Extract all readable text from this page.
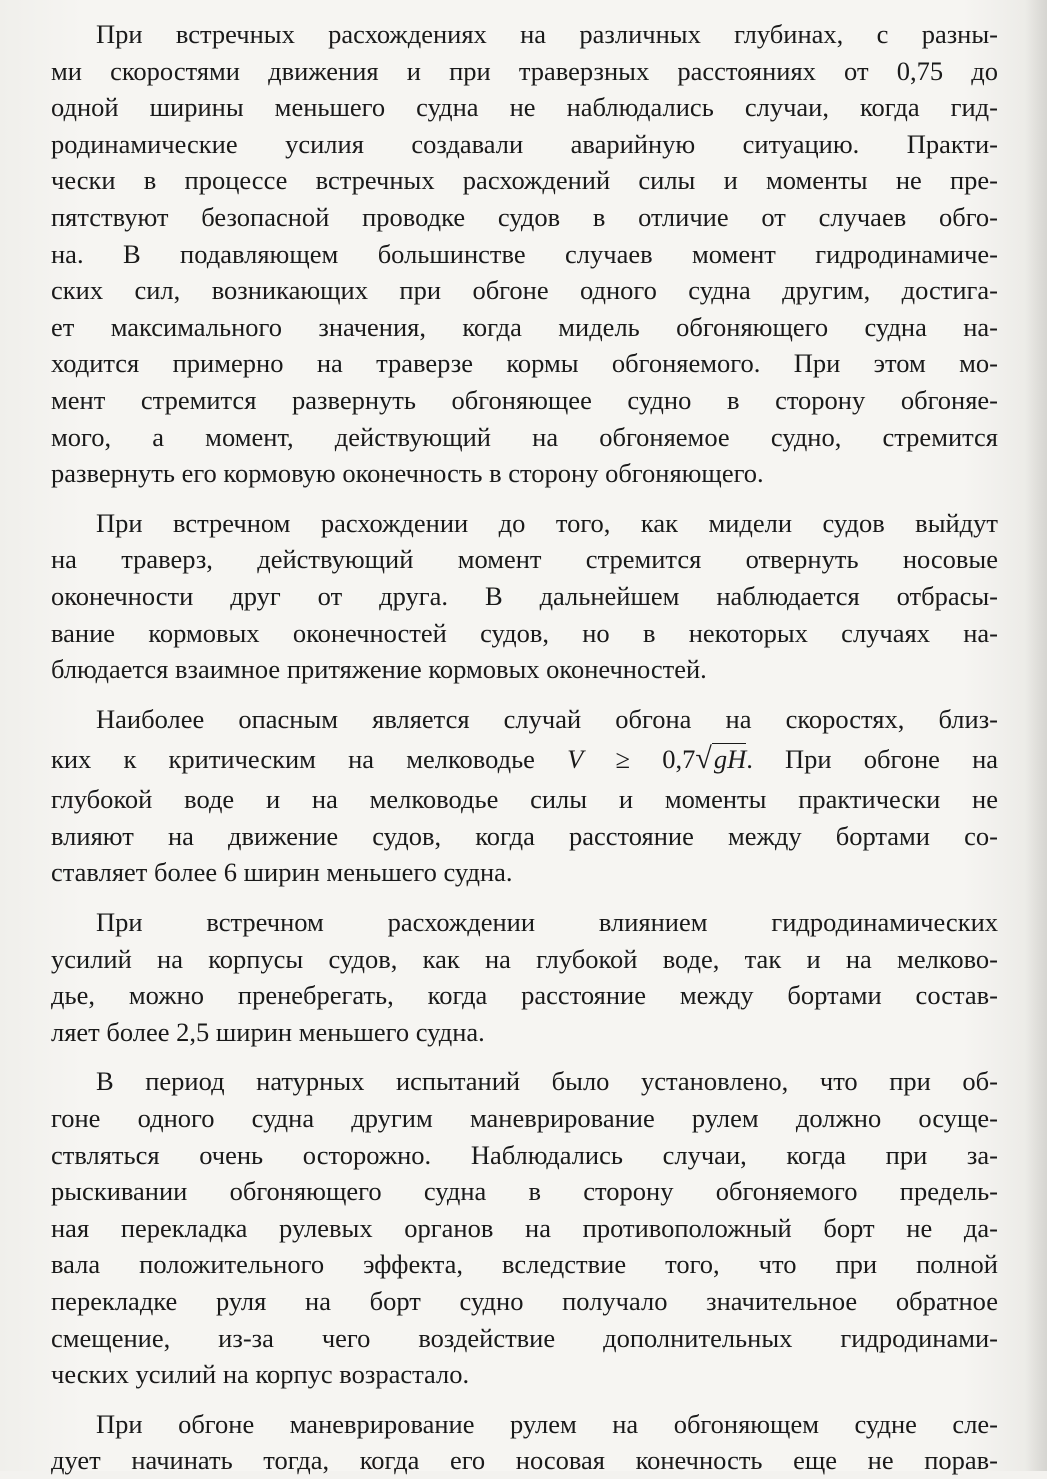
При встречных расхождениях на различных глубинах, с разны-
ми скоростями движения и при траверзных расстояниях от 0,75 до
одной ширины меньшего судна не наблюдались случаи, когда гид-
родинамические усилия создавали аварийную ситуацию. Практи-
чески в процессе встречных расхождений силы и моменты не пре-
пятствуют безопасной проводке судов в отличие от случаев обго-
на. В подавляющем большинстве случаев момент гидродинамиче-
ских сил, возникающих при обгоне одного судна другим, достига-
ет максимального значения, когда мидель обгоняющего судна на-
ходится примерно на траверзе кормы обгоняемого. При этом мо-
мент стремится развернуть обгоняющее судно в сторону обгоняе-
мого, а момент, действующий на обгоняемое судно, стремится
развернуть его кормовую оконечность в сторону обгоняющего.
При встречном расхождении до того, как мидели судов выйдут
на траверз, действующий момент стремится отвернуть носовые
оконечности друг от друга. В дальнейшем наблюдается отбрасы-
вание кормовых оконечностей судов, но в некоторых случаях на-
блюдается взаимное притяжение кормовых оконечностей.
Наиболее опасным является случай обгона на скоростях, близ-
ких к критическим на мелководье V ≥ 0,7√gH. При обгоне на
глубокой воде и на мелководье силы и моменты практически не
влияют на движение судов, когда расстояние между бортами со-
ставляет более 6 ширин меньшего судна.
При встречном расхождении влиянием гидродинамических
усилий на корпусы судов, как на глубокой воде, так и на мелково-
дье, можно пренебрегать, когда расстояние между бортами состав-
ляет более 2,5 ширин меньшего судна.
В период натурных испытаний было установлено, что при об-
гоне одного судна другим маневрирование рулем должно осуще-
ствляться очень осторожно. Наблюдались случаи, когда при за-
рыскивании обгоняющего судна в сторону обгоняемого предель-
ная перекладка рулевых органов на противоположный борт не да-
вала положительного эффекта, вследствие того, что при полной
перекладке руля на борт судно получало значительное обратное
смещение, из-за чего воздействие дополнительных гидродинами-
ческих усилий на корпус возрастало.
При обгоне маневрирование рулем на обгоняющем судне сле-
дует начинать тогда, когда его носовая конечность еще не порав-
